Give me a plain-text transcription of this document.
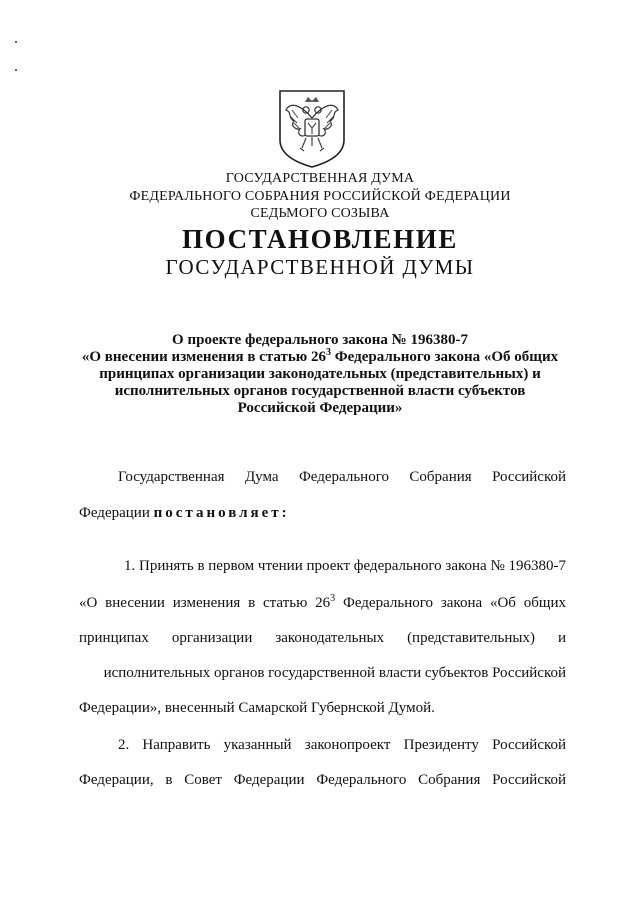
ГОСУДАРСТВЕННАЯ ДУМА
ФЕДЕРАЛЬНОГО СОБРАНИЯ РОССИЙСКОЙ ФЕДЕРАЦИИ
СЕДЬМОГО СОЗЫВА
ПОСТАНОВЛЕНИЕ
ГОСУДАРСТВЕННОЙ ДУМЫ
О проекте федерального закона № 196380-7
«О внесении изменения в статью $26^3$ Федерального закона «Об общих
принципах организации законодательных (представительных) и
исполнительных органов государственной власти субъектов
Российской Федерации»
Государственная Дума Федерального Собрания Российской
Федерации постановляет:
1. Принять в первом чтении проект федерального закона № 196380-7
«О внесении изменения в статью $26^3$ Федерального закона «Об общих
принципах организации законодательных (представительных) и
исполнительных органов государственной власти субъектов Российской
Федерации», внесенный Самарской Губернской Думой.
2. Направить указанный законопроект Президенту Российской
Федерации, в Совет Федерации Федерального Собрания Российской
